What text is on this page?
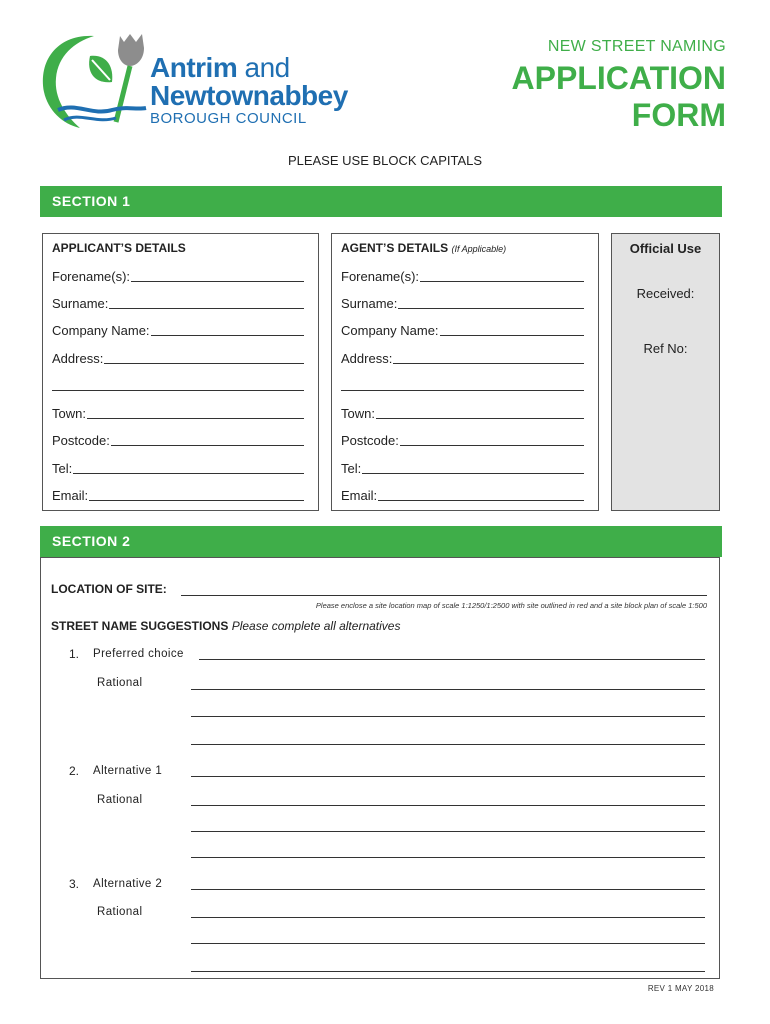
Antrim and
Newtownabbey
BOROUGH COUNCIL
NEW STREET NAMING
APPLICATION
FORM
PLEASE USE BLOCK CAPITALS
SECTION 1
APPLICANT’S DETAILS
Forename(s):
Surname:
Company Name:
Address:
Town:
Postcode:
Tel:
Email:
AGENT’S DETAILS (If Applicable)
Forename(s):
Surname:
Company Name:
Address:
Town:
Postcode:
Tel:
Email:
Official Use
Received:
Ref No:
SECTION 2
LOCATION OF SITE:
Please enclose a site location map of scale 1:1250/1:2500 with site outlined in red and a site block plan of scale 1:500
STREET NAME SUGGESTIONS Please complete all alternatives
1. Preferred choice
Rational
2. Alternative 1
Rational
3. Alternative 2
Rational
REV 1 MAY 2018
